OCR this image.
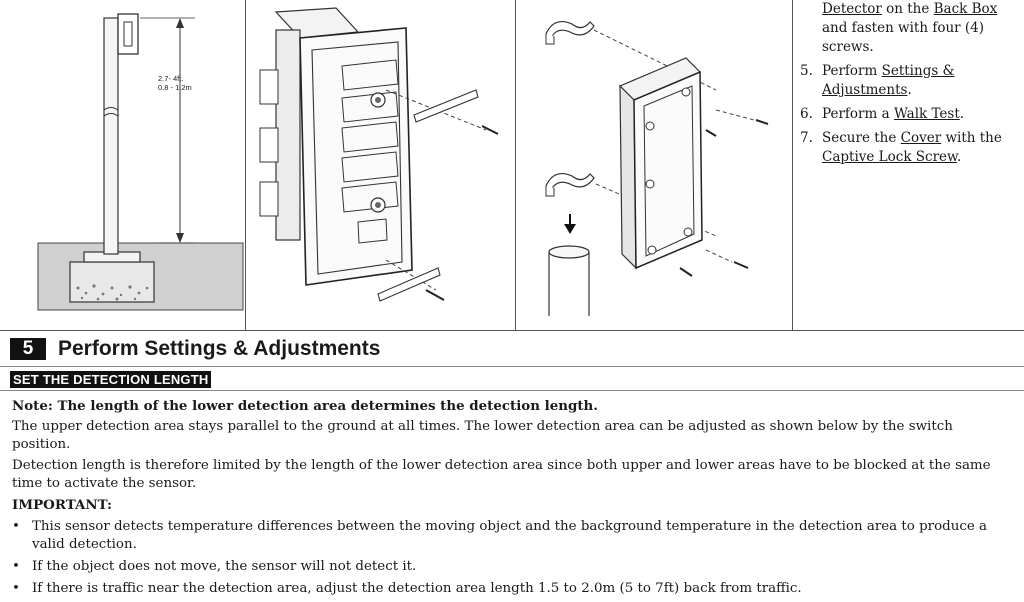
2.7- 4ft.
0.8 - 1.2m
Detector on the Back Box
and fasten with four (4)
screws.
5. Perform Settings &
Adjustments.
6. Perform a Walk Test.
7. Secure the Cover with the
Captive Lock Screw.
5	Perform Settings & Adjustments
SET THE DETECTION LENGTH

Note: The length of the lower detection area determines the detection length.

The upper detection area stays parallel to the ground at all times. The lower detection area can be adjusted as shown below by the switch position.

Detection length is therefore limited by the length of the lower detection area since both upper and lower areas have to be blocked at the same time to activate the sensor.

IMPORTANT:

• This sensor detects temperature differences between the moving object and the background temperature in the detection area to produce a valid detection.
• If the object does not move, the sensor will not detect it.
• If there is traffic near the detection area, adjust the detection area length 1.5 to 2.0m (5 to 7ft) back from traffic.
